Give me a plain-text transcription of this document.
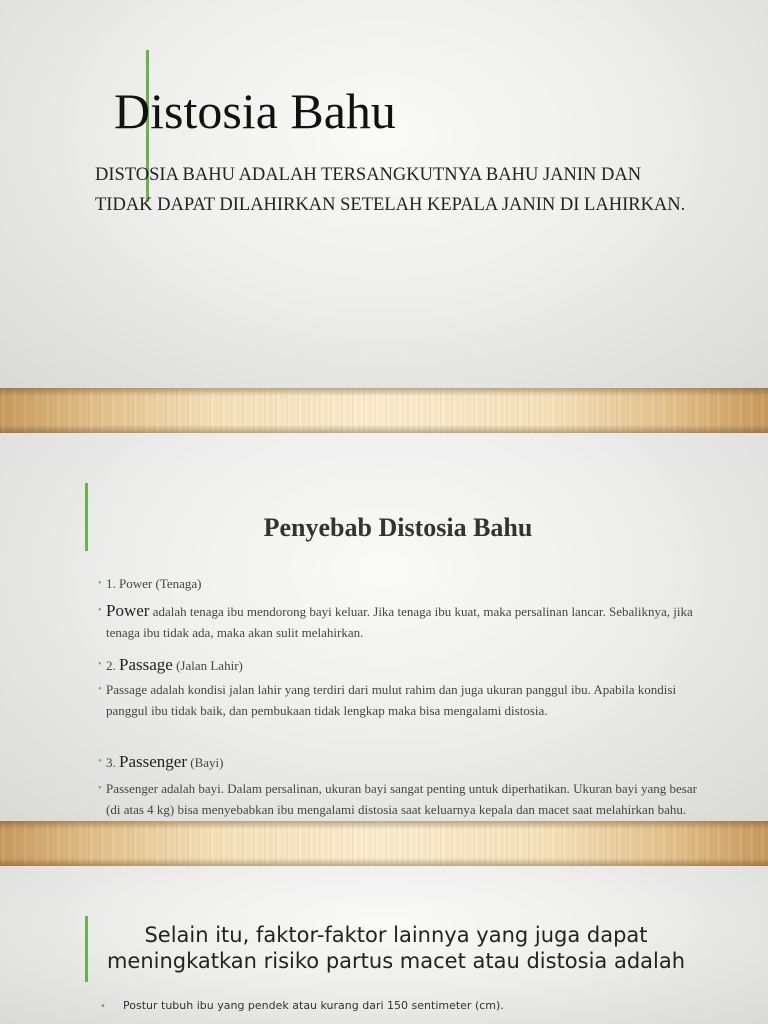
Distosia Bahu

DISTOSIA BAHU ADALAH TERSANGKUTNYA BAHU JANIN DAN TIDAK DAPAT DILAHIRKAN SETELAH KEPALA JANIN DI LAHIRKAN.

Penyebab Distosia Bahu
• 1. Power (Tenaga)
• Power adalah tenaga ibu mendorong bayi keluar. Jika tenaga ibu kuat, maka persalinan lancar. Sebaliknya, jika tenaga ibu tidak ada, maka akan sulit melahirkan.
• 2. Passage (Jalan Lahir)
• Passage adalah kondisi jalan lahir yang terdiri dari mulut rahim dan juga ukuran panggul ibu. Apabila kondisi panggul ibu tidak baik, dan pembukaan tidak lengkap maka bisa mengalami distosia.
• 3. Passenger (Bayi)
• Passenger adalah bayi. Dalam persalinan, ukuran bayi sangat penting untuk diperhatikan. Ukuran bayi yang besar (di atas 4 kg) bisa menyebabkan ibu mengalami distosia saat keluarnya kepala dan macet saat melahirkan bahu.
Selain itu, faktor-faktor lainnya yang juga dapat meningkatkan risiko partus macet atau distosia adalah
• Postur tubuh ibu yang pendek atau kurang dari 150 sentimeter (cm).
